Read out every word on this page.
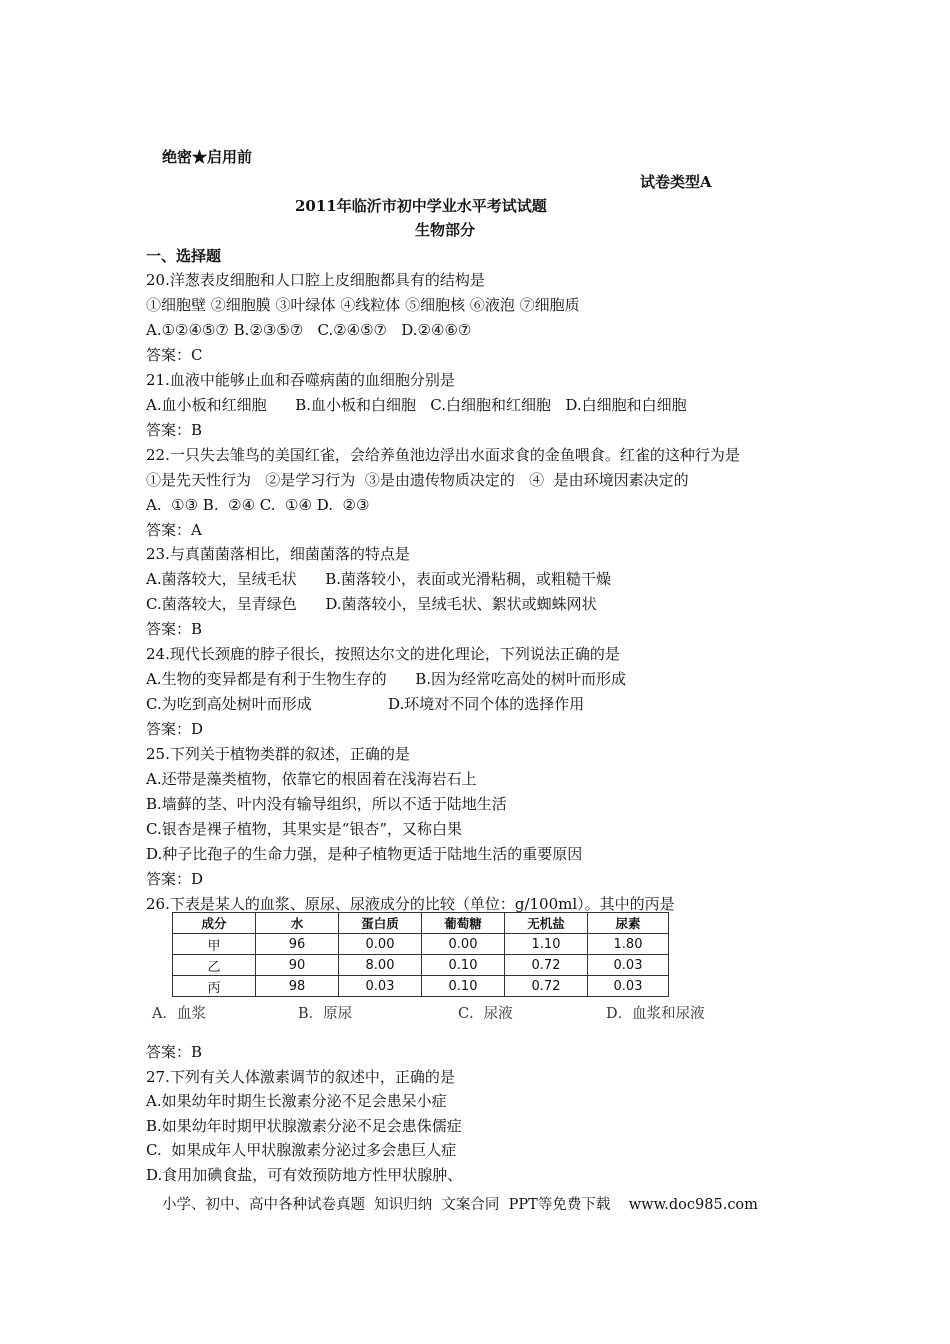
绝密★启用前
试卷类型A
2011年临沂市初中学业水平考试试题
生物部分
一、选择题
20.洋葱表皮细胞和人口腔上皮细胞都具有的结构是
①细胞壁 ②细胞膜 ③叶绿体 ④线粒体 ⑤细胞核 ⑥液泡 ⑦细胞质
A.①②④⑤⑦ B.②③⑤⑦   C.②④⑤⑦   D.②④⑥⑦
答案：C
21.血液中能够止血和吞噬病菌的血细胞分别是
A.血小板和红细胞      B.血小板和白细胞   C.白细胞和红细胞   D.白细胞和白细胞
答案：B
22.一只失去雏鸟的美国红雀，会给养鱼池边浮出水面求食的金鱼喂食。红雀的这种行为是
①是先天性行为   ②是学习行为  ③是由遗传物质决定的   ④  是由环境因素决定的
A.  ①③ B.  ②④ C.  ①④ D.  ②③
答案：A
23.与真菌菌落相比，细菌菌落的特点是
A.菌落较大，呈绒毛状      B.菌落较小，表面或光滑粘稠，或粗糙干燥
C.菌落较大，呈青绿色      D.菌落较小，呈绒毛状、絮状或蜘蛛网状
答案：B
24.现代长颈鹿的脖子很长，按照达尔文的进化理论，下列说法正确的是
A.生物的变异都是有利于生物生存的      B.因为经常吃高处的树叶而形成
C.为吃到高处树叶而形成                D.环境对不同个体的选择作用
答案：D
25.下列关于植物类群的叙述，正确的是
A.还带是藻类植物，依靠它的根固着在浅海岩石上
B.墙藓的茎、叶内没有输导组织，所以不适于陆地生活
C.银杏是裸子植物，其果实是“银杏”，又称白果
D.种子比孢子的生命力强，是种子植物更适于陆地生活的重要原因
答案：D
26.下表是某人的血浆、原尿、尿液成分的比较（单位：g/100ml）。其中的丙是
成分	水	蛋白质	葡萄糖	无机盐	尿素
甲	96	0.00	0.00	1.10	1.80
乙	90	8.00	0.10	0.72	0.03
丙	98	0.03	0.10	0.72	0.03
A．血浆	B．原尿	C．尿液	D．血浆和尿液
答案：B
27.下列有关人体激素调节的叙述中，正确的是
A.如果幼年时期生长激素分泌不足会患呆小症
B.如果幼年时期甲状腺激素分泌不足会患侏儒症
C.  如果成年人甲状腺激素分泌过多会患巨人症
D.食用加碘食盐，可有效预防地方性甲状腺肿、
小学、初中、高中各种试卷真题  知识归纳  文案合同  PPT等免费下载    www.doc985.com
